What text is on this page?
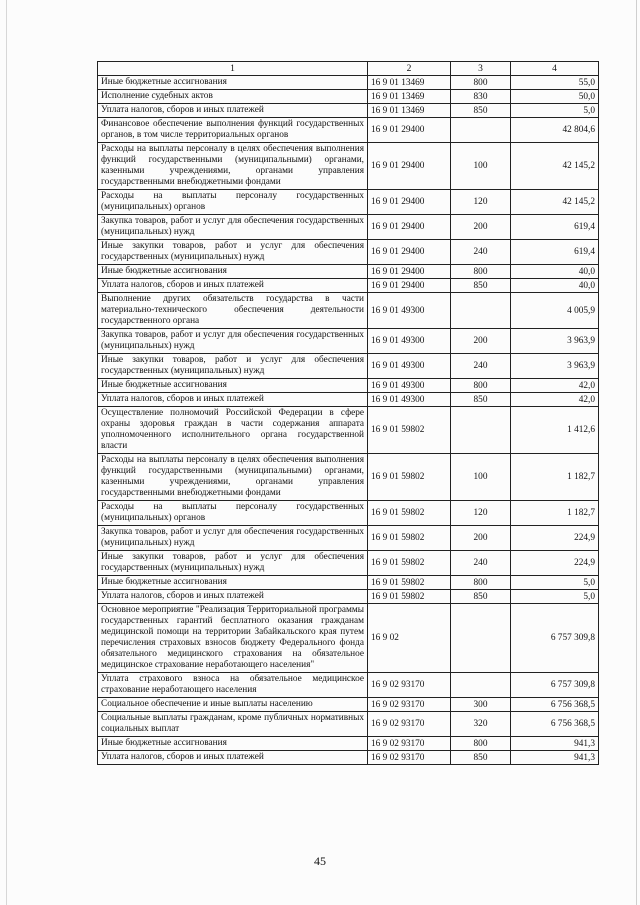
1	2	3	4
Иные бюджетные ассигнования	16 9 01 13469	800	55,0
Исполнение судебных актов	16 9 01 13469	830	50,0
Уплата налогов, сборов и иных платежей	16 9 01 13469	850	5,0
Финансовое обеспечение выполнения функций государственных органов, в том числе территориальных органов	16 9 01 29400		42 804,6
Расходы на выплаты персоналу в целях обеспечения выполнения функций государственными (муниципальными) органами, казенными учреждениями, органами управления государственными внебюджетными фондами	16 9 01 29400	100	42 145,2
Расходы на выплаты персоналу государственных (муниципальных) органов	16 9 01 29400	120	42 145,2
Закупка товаров, работ и услуг для обеспечения государственных (муниципальных) нужд	16 9 01 29400	200	619,4
Иные закупки товаров, работ и услуг для обеспечения государственных (муниципальных) нужд	16 9 01 29400	240	619,4
Иные бюджетные ассигнования	16 9 01 29400	800	40,0
Уплата налогов, сборов и иных платежей	16 9 01 29400	850	40,0
Выполнение других обязательств государства в части материально-технического обеспечения деятельности государственного органа	16 9 01 49300		4 005,9
Закупка товаров, работ и услуг для обеспечения государственных (муниципальных) нужд	16 9 01 49300	200	3 963,9
Иные закупки товаров, работ и услуг для обеспечения государственных (муниципальных) нужд	16 9 01 49300	240	3 963,9
Иные бюджетные ассигнования	16 9 01 49300	800	42,0
Уплата налогов, сборов и иных платежей	16 9 01 49300	850	42,0
Осуществление полномочий Российской Федерации в сфере охраны здоровья граждан в части содержания аппарата уполномоченного исполнительного органа государственной власти	16 9 01 59802		1 412,6
Расходы на выплаты персоналу в целях обеспечения выполнения функций государственными (муниципальными) органами, казенными учреждениями, органами управления государственными внебюджетными фондами	16 9 01 59802	100	1 182,7
Расходы на выплаты персоналу государственных (муниципальных) органов	16 9 01 59802	120	1 182,7
Закупка товаров, работ и услуг для обеспечения государственных (муниципальных) нужд	16 9 01 59802	200	224,9
Иные закупки товаров, работ и услуг для обеспечения государственных (муниципальных) нужд	16 9 01 59802	240	224,9
Иные бюджетные ассигнования	16 9 01 59802	800	5,0
Уплата налогов, сборов и иных платежей	16 9 01 59802	850	5,0
Основное мероприятие "Реализация Территориальной программы государственных гарантий бесплатного оказания гражданам медицинской помощи на территории Забайкальского края путем перечисления страховых взносов бюджету Федерального фонда обязательного медицинского страхования на обязательное медицинское страхование неработающего населения"	16 9 02		6 757 309,8
Уплата страхового взноса на обязательное медицинское страхование неработающего населения	16 9 02 93170		6 757 309,8
Социальное обеспечение и иные выплаты населению	16 9 02 93170	300	6 756 368,5
Социальные выплаты гражданам, кроме публичных нормативных социальных выплат	16 9 02 93170	320	6 756 368,5
Иные бюджетные ассигнования	16 9 02 93170	800	941,3
Уплата налогов, сборов и иных платежей	16 9 02 93170	850	941,3
45
